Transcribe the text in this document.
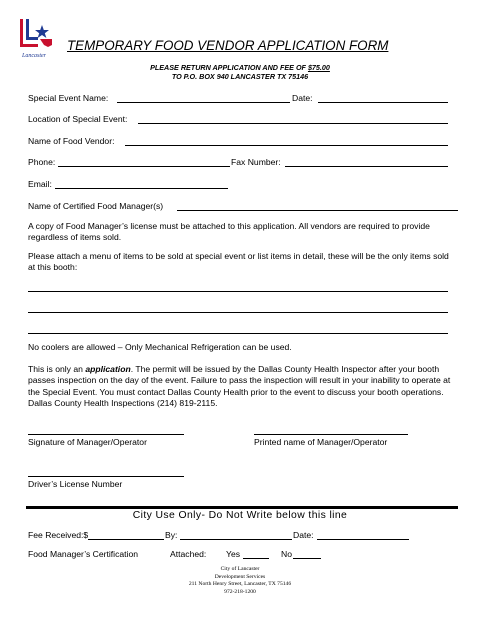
Lancaster
TEMPORARY FOOD VENDOR APPLICATION FORM
PLEASE RETURN APPLICATION AND FEE OF $75.00
TO P.O. BOX 940 LANCASTER TX 75146
Special Event Name:	Date:
Location of Special Event:
Name of Food Vendor:
Phone:	Fax Number:
Email:
Name of Certified Food Manager(s)
A copy of Food Manager’s license must be attached to this application. All vendors are required to provide regardless of items sold.
Please attach a menu of items to be sold at special event or list items in detail, these will be the only items sold at this booth:
No coolers are allowed – Only Mechanical Refrigeration can be used.
This is only an application. The permit will be issued by the Dallas County Health Inspector after your booth passes inspection on the day of the event. Failure to pass the inspection will result in your inability to operate at the Special Event. You must contact Dallas County Health prior to the event to discuss your booth operations. Dallas County Health Inspections (214) 819-2115.
Signature of Manager/Operator	Printed name of Manager/Operator
Driver’s License Number
City Use Only- Do Not Write below this line
Fee Received:$	By:	Date:
Food Manager’s Certification	Attached: Yes	No
City of Lancaster
Development Services
211 North Henry Street, Lancaster, TX 75146
972-218-1200
